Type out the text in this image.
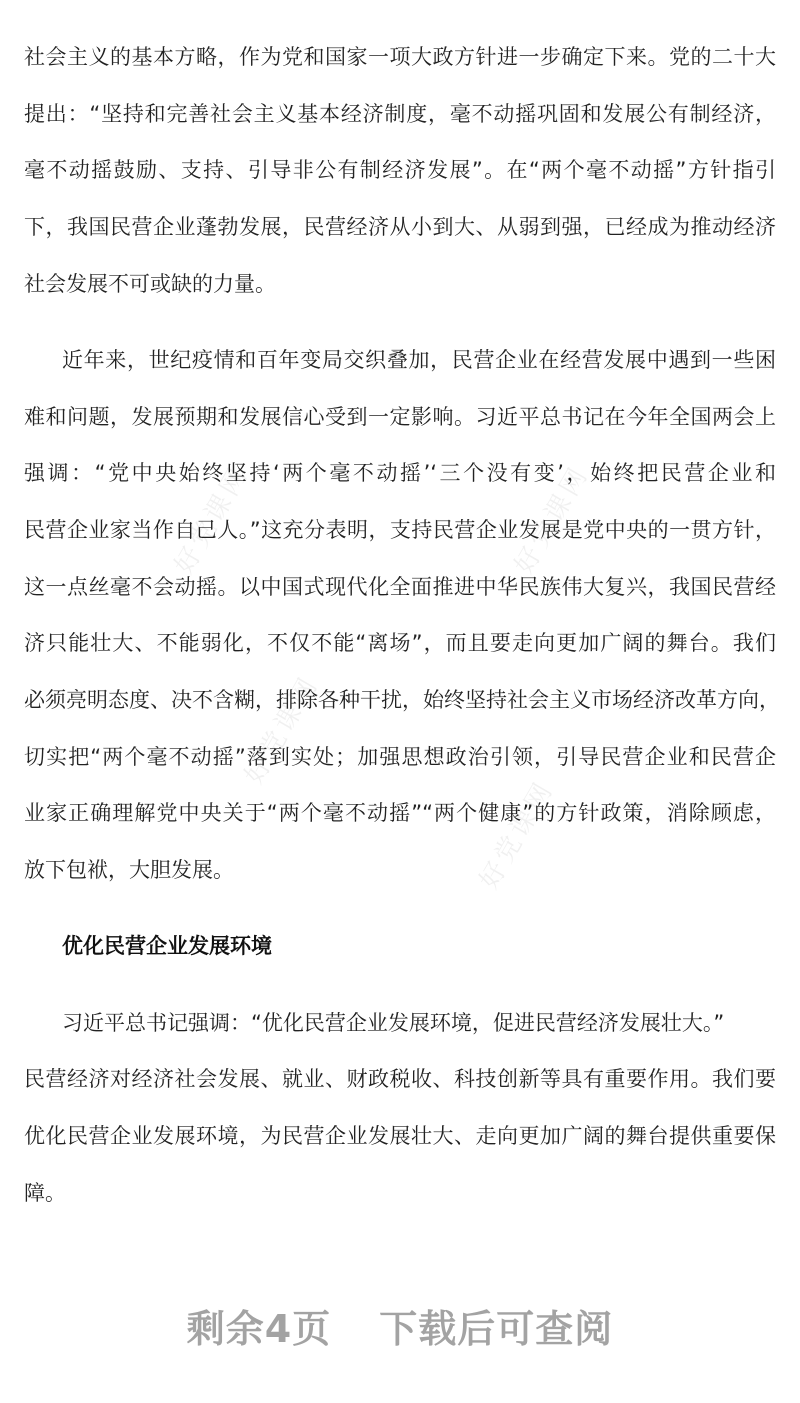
好党课网	好党课网
好党课网
好党课网
社会主义的基本方略，作为党和国家一项大政方针进一步确定下来。党的二十大
提出：“坚持和完善社会主义基本经济制度，毫不动摇巩固和发展公有制经济，
毫不动摇鼓励、支持、引导非公有制经济发展”。在“两个毫不动摇”方针指引
下，我国民营企业蓬勃发展，民营经济从小到大、从弱到强，已经成为推动经济
社会发展不可或缺的力量。
近年来，世纪疫情和百年变局交织叠加，民营企业在经营发展中遇到一些困
难和问题，发展预期和发展信心受到一定影响。习近平总书记在今年全国两会上
强调：“党中央始终坚持‘两个毫不动摇’‘三个没有变’，始终把民营企业和
民营企业家当作自己人。”这充分表明，支持民营企业发展是党中央的一贯方针，
这一点丝毫不会动摇。以中国式现代化全面推进中华民族伟大复兴，我国民营经
济只能壮大、不能弱化，不仅不能“离场”，而且要走向更加广阔的舞台。我们
必须亮明态度、决不含糊，排除各种干扰，始终坚持社会主义市场经济改革方向，
切实把“两个毫不动摇”落到实处；加强思想政治引领，引导民营企业和民营企
业家正确理解党中央关于“两个毫不动摇”“两个健康”的方针政策，消除顾虑，
放下包袱，大胆发展。
优化民营企业发展环境
习近平总书记强调：“优化民营企业发展环境，促进民营经济发展壮大。”
民营经济对经济社会发展、就业、财政税收、科技创新等具有重要作用。我们要
优化民营企业发展环境，为民营企业发展壮大、走向更加广阔的舞台提供重要保
障。
剩余4页 下载后可查阅
